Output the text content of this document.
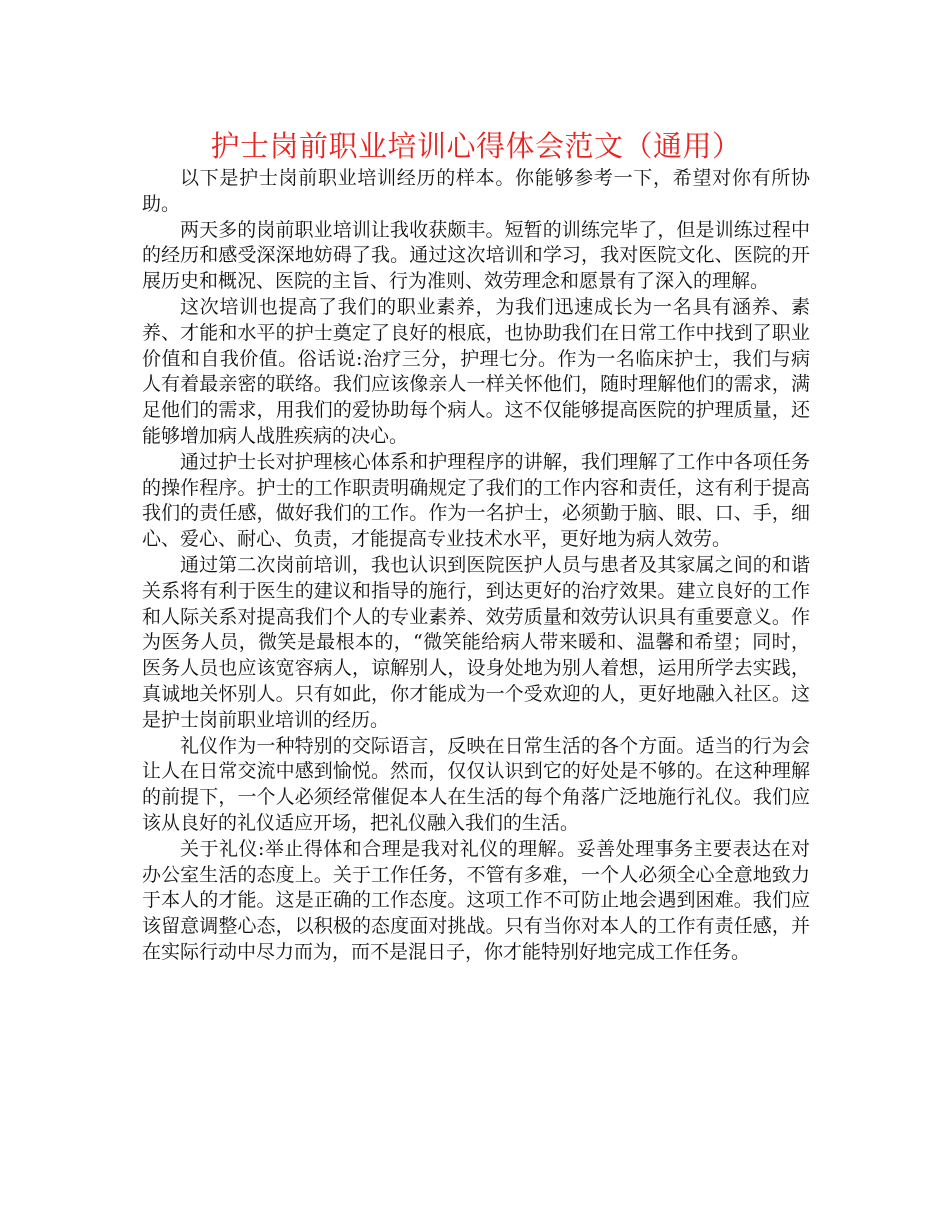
护士岗前职业培训心得体会范文（通用）

以下是护士岗前职业培训经历的样本。你能够参考一下，希望对你有所协助。

两天多的岗前职业培训让我收获颇丰。短暂的训练完毕了，但是训练过程中的经历和感受深深地妨碍了我。通过这次培训和学习，我对医院文化、医院的开展历史和概况、医院的主旨、行为准则、效劳理念和愿景有了深入的理解。

这次培训也提高了我们的职业素养，为我们迅速成长为一名具有涵养、素养、才能和水平的护士奠定了良好的根底，也协助我们在日常工作中找到了职业价值和自我价值。俗话说:治疗三分，护理七分。作为一名临床护士，我们与病人有着最亲密的联络。我们应该像亲人一样关怀他们，随时理解他们的需求，满足他们的需求，用我们的爱协助每个病人。这不仅能够提高医院的护理质量，还能够增加病人战胜疾病的决心。

通过护士长对护理核心体系和护理程序的讲解，我们理解了工作中各项任务的操作程序。护士的工作职责明确规定了我们的工作内容和责任，这有利于提高我们的责任感，做好我们的工作。作为一名护士，必须勤于脑、眼、口、手，细心、爱心、耐心、负责，才能提高专业技术水平，更好地为病人效劳。

通过第二次岗前培训，我也认识到医院医护人员与患者及其家属之间的和谐关系将有利于医生的建议和指导的施行，到达更好的治疗效果。建立良好的工作和人际关系对提高我们个人的专业素养、效劳质量和效劳认识具有重要意义。作为医务人员，微笑是最根本的，“微笑能给病人带来暖和、温馨和希望；同时，医务人员也应该宽容病人，谅解别人，设身处地为别人着想，运用所学去实践，真诚地关怀别人。只有如此，你才能成为一个受欢迎的人，更好地融入社区。这是护士岗前职业培训的经历。

礼仪作为一种特别的交际语言，反映在日常生活的各个方面。适当的行为会让人在日常交流中感到愉悦。然而，仅仅认识到它的好处是不够的。在这种理解的前提下，一个人必须经常催促本人在生活的每个角落广泛地施行礼仪。我们应该从良好的礼仪适应开场，把礼仪融入我们的生活。

关于礼仪:举止得体和合理是我对礼仪的理解。妥善处理事务主要表达在对办公室生活的态度上。关于工作任务，不管有多难，一个人必须全心全意地致力于本人的才能。这是正确的工作态度。这项工作不可防止地会遇到困难。我们应该留意调整心态，以积极的态度面对挑战。只有当你对本人的工作有责任感，并在实际行动中尽力而为，而不是混日子，你才能特别好地完成工作任务。
